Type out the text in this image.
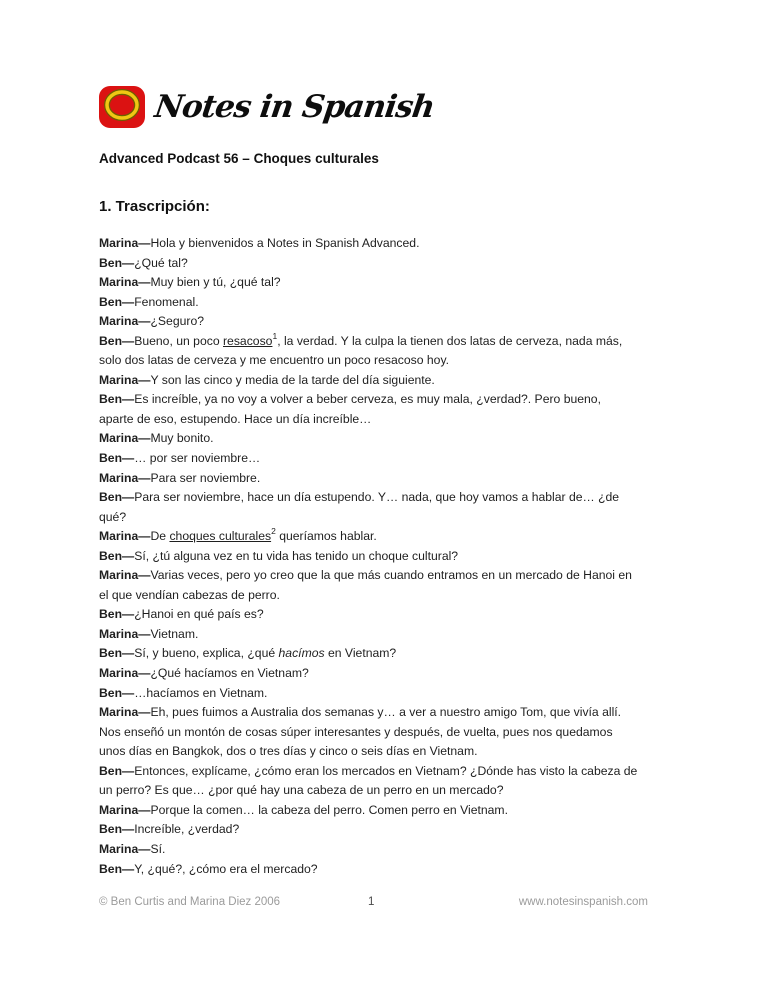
Notes in Spanish
Advanced Podcast 56 – Choques culturales
1. Trascripción:
Marina—Hola y bienvenidos a Notes in Spanish Advanced.
Ben—¿Qué tal?
Marina—Muy bien y tú, ¿qué tal?
Ben—Fenomenal.
Marina—¿Seguro?
Ben—Bueno, un poco resacoso$^1$, la verdad. Y la culpa la tienen dos latas de cerveza, nada más,
solo dos latas de cerveza y me encuentro un poco resacoso hoy.
Marina—Y son las cinco y media de la tarde del día siguiente.
Ben—Es increíble, ya no voy a volver a beber cerveza, es muy mala, ¿verdad?. Pero bueno,
aparte de eso, estupendo. Hace un día increíble…
Marina—Muy bonito.
Ben—… por ser noviembre…
Marina—Para ser noviembre.
Ben—Para ser noviembre, hace un día estupendo. Y… nada, que hoy vamos a hablar de… ¿de
qué?
Marina—De choques culturales$^2$ queríamos hablar.
Ben—Sí, ¿tú alguna vez en tu vida has tenido un choque cultural?
Marina—Varias veces, pero yo creo que la que más cuando entramos en un mercado de Hanoi en
el que vendían cabezas de perro.
Ben—¿Hanoi en qué país es?
Marina—Vietnam.
Ben—Sí, y bueno, explica, ¿qué hacímos en Vietnam?
Marina—¿Qué hacíamos en Vietnam?
Ben—…hacíamos en Vietnam.
Marina—Eh, pues fuimos a Australia dos semanas y… a ver a nuestro amigo Tom, que vivía allí.
Nos enseñó un montón de cosas súper interesantes y después, de vuelta, pues nos quedamos
unos días en Bangkok, dos o tres días y cinco o seis días en Vietnam.
Ben—Entonces, explícame, ¿cómo eran los mercados en Vietnam? ¿Dónde has visto la cabeza de
un perro? Es que… ¿por qué hay una cabeza de un perro en un mercado?
Marina—Porque la comen… la cabeza del perro. Comen perro en Vietnam.
Ben—Increíble, ¿verdad?
Marina—Sí.
Ben—Y, ¿qué?, ¿cómo era el mercado?
© Ben Curtis and Marina Diez 2006	1	www.notesinspanish.com
